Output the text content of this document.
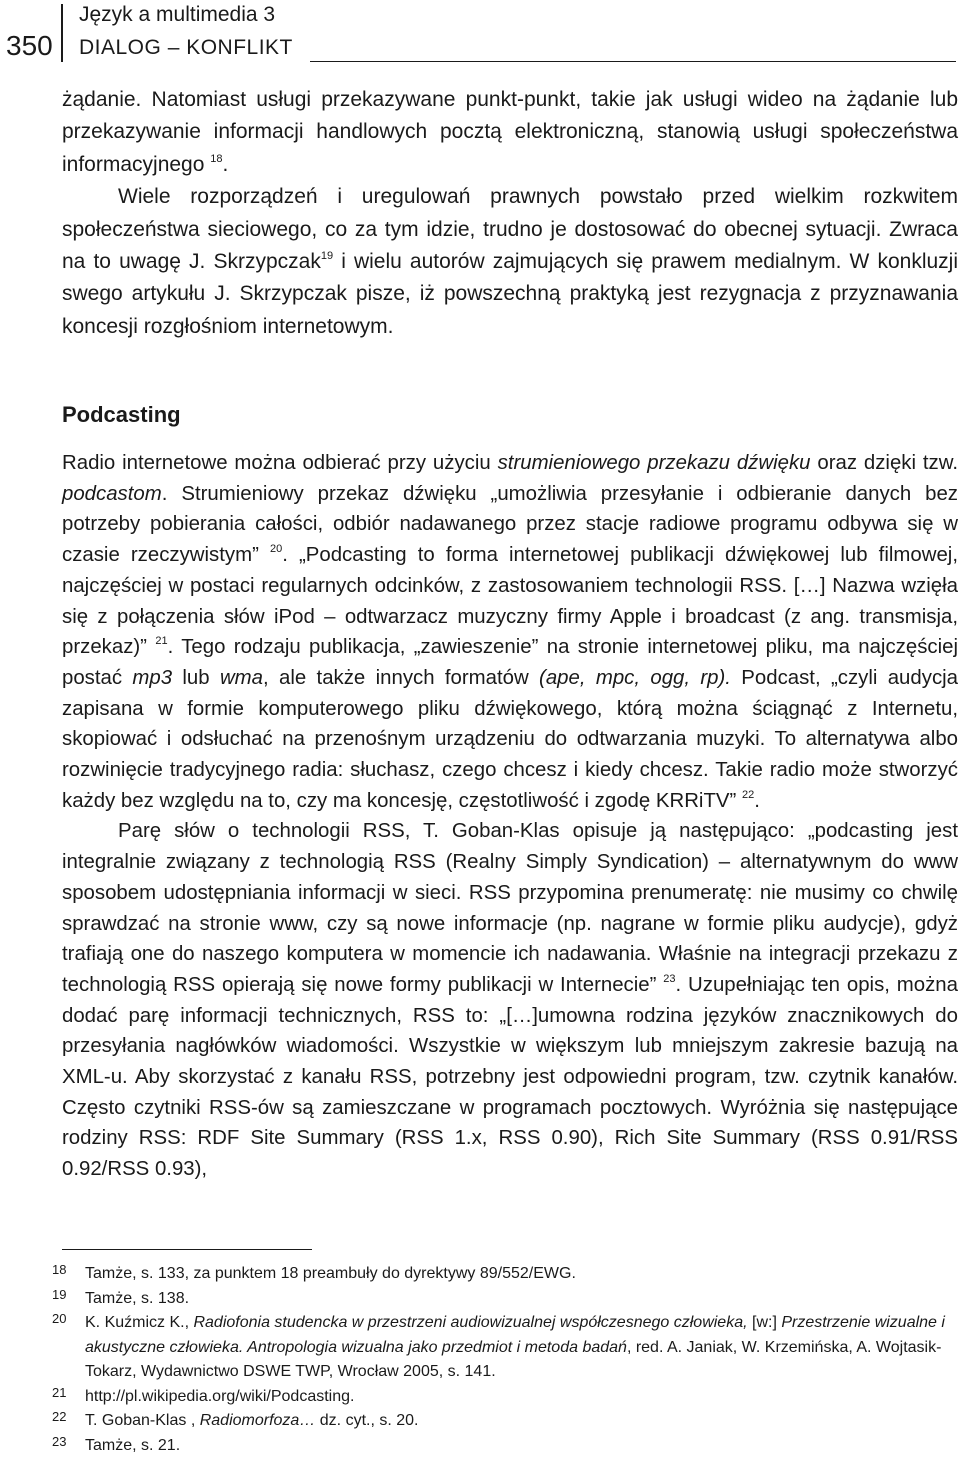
350
Język a multimedia 3
DIALOG – KONFLIKT

żądanie. Natomiast usługi przekazywane punkt-punkt, takie jak usługi wideo na żądanie lub przekazywanie informacji handlowych pocztą elektroniczną, stanowią usługi społeczeństwa informacyjnego $^{18}$.
Wiele rozporządzeń i uregulowań prawnych powstało przed wielkim rozkwitem społeczeństwa sieciowego, co za tym idzie, trudno je dostosować do obecnej sytuacji. Zwraca na to uwagę J. Skrzypczak$^{19}$ i wielu autorów zajmujących się prawem medialnym. W konkluzji swego artykułu J. Skrzypczak pisze, iż powszechną praktyką jest rezygnacja z przyznawania koncesji rozgłośniom internetowym.

Podcasting

Radio internetowe można odbierać przy użyciu strumieniowego przekazu dźwięku oraz dzięki tzw. podcastom. Strumieniowy przekaz dźwięku „umożliwia przesyłanie i odbieranie danych bez potrzeby pobierania całości, odbiór nadawanego przez stacje radiowe programu odbywa się w czasie rzeczywistym” $^{20}$. „Podcasting to forma internetowej publikacji dźwiękowej lub filmowej, najczęściej w postaci regularnych odcinków, z zastosowaniem technologii RSS. […] Nazwa wzięła się z połączenia słów iPod – odtwarzacz muzyczny firmy Apple i broadcast (z ang. transmisja, przekaz)” $^{21}$. Tego rodzaju publikacja, „zawieszenie” na stronie internetowej pliku, ma najczęściej postać mp3 lub wma, ale także innych formatów (ape, mpc, ogg, rp). Podcast, „czyli audycja zapisana w formie komputerowego pliku dźwiękowego, którą można ściągnąć z Internetu, skopiować i odsłuchać na przenośnym urządzeniu do odtwarzania muzyki. To alternatywa albo rozwinięcie tradycyjnego radia: słuchasz, czego chcesz i kiedy chcesz. Takie radio może stworzyć każdy bez względu na to, czy ma koncesję, częstotliwość i zgodę KRRiTV” $^{22}$.
Parę słów o technologii RSS, T. Goban-Klas opisuje ją następująco: „podcasting jest integralnie związany z technologią RSS (Realny Simply Syndication) – alternatywnym do www sposobem udostępniania informacji w sieci. RSS przypomina prenumeratę: nie musimy co chwilę sprawdzać na stronie www, czy są nowe informacje (np. nagrane w formie pliku audycje), gdyż trafiają one do naszego komputera w momencie ich nadawania. Właśnie na integracji przekazu z technologią RSS opierają się nowe formy publikacji w Internecie” $^{23}$. Uzupełniając ten opis, można dodać parę informacji technicznych, RSS to: „[…]umowna rodzina języków znacznikowych do przesyłania nagłówków wiadomości. Wszystkie w większym lub mniejszym zakresie bazują na XML-u. Aby skorzystać z kanału RSS, potrzebny jest odpowiedni program, tzw. czytnik kanałów. Często czytniki RSS-ów są zamieszczane w programach pocztowych. Wyróżnia się następujące rodziny RSS: RDF Site Summary (RSS 1.x, RSS 0.90), Rich Site Summary (RSS 0.91/RSS 0.92/RSS 0.93),

18 Tamże, s. 133, za punktem 18 preambuły do dyrektywy 89/552/EWG.

19 Tamże, s. 138.

20 K. Kuźmicz K., Radiofonia studencka w przestrzeni audiowizualnej współczesnego człowieka, [w:] Przestrzenie wizualne i akustyczne człowieka. Antropologia wizualna jako przedmiot i metoda badań, red. A. Janiak, W. Krzemińska, A. Wojtasik-Tokarz, Wydawnictwo DSWE TWP, Wrocław 2005, s. 141.

21 http://pl.wikipedia.org/wiki/Podcasting.

22 T. Goban-Klas , Radiomorfoza… dz. cyt., s. 20.

23 Tamże, s. 21.
